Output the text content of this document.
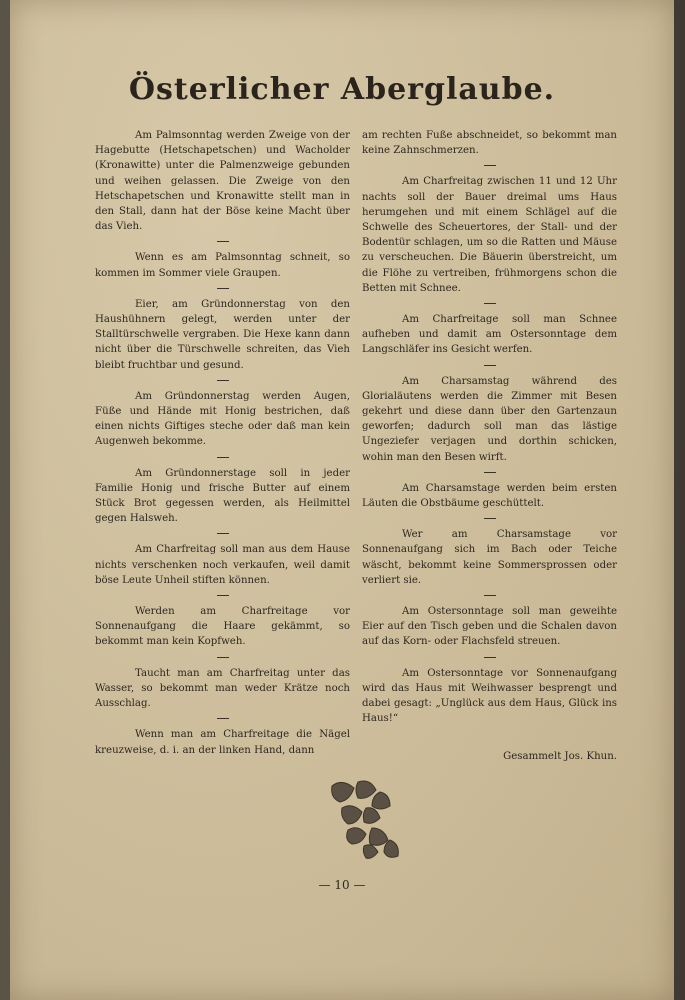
Österlicher Aberglaube.

Am Palmsonntag werden Zweige von der Hagebutte (Hetschapetschen) und Wacholder (Kronawitte) unter die Palmenzweige gebunden und weihen gelassen. Die Zweige von den Hetschapetschen und Kronawitte stellt man in den Stall, dann hat der Böse keine Macht über das Vieh.

Wenn es am Palmsonntag schneit, so kommen im Sommer viele Graupen.

Eier, am Gründonnerstag von den Haushühnern gelegt, werden unter der Stalltürschwelle vergraben. Die Hexe kann dann nicht über die Türschwelle schreiten, das Vieh bleibt fruchtbar und gesund.

Am Gründonnerstag werden Augen, Füße und Hände mit Honig bestrichen, daß einen nichts Giftiges steche oder daß man kein Augenweh bekomme.

Am Gründonnerstage soll in jeder Familie Honig und frische Butter auf einem Stück Brot gegessen werden, als Heilmittel gegen Halsweh.

Am Charfreitag soll man aus dem Hause nichts verschenken noch verkaufen, weil damit böse Leute Unheil stiften können.

Werden am Charfreitage vor Sonnenaufgang die Haare gekämmt, so bekommt man kein Kopfweh.

Taucht man am Charfreitag unter das Wasser, so bekommt man weder Krätze noch Ausschlag.

Wenn man am Charfreitage die Nägel kreuzweise, d. i. an der linken Hand, dann

am rechten Fuße abschneidet, so bekommt man keine Zahnschmerzen.

Am Charfreitag zwischen 11 und 12 Uhr nachts soll der Bauer dreimal ums Haus herumgehen und mit einem Schlägel auf die Schwelle des Scheuertores, der Stall- und der Bodentür schlagen, um so die Ratten und Mäuse zu verscheuchen. Die Bäuerin überstreicht, um die Flöhe zu vertreiben, frühmorgens schon die Betten mit Schnee.

Am Charfreitage soll man Schnee aufheben und damit am Ostersonntage dem Langschläfer ins Gesicht werfen.

Am Charsamstag während des Glorialäutens werden die Zimmer mit Besen gekehrt und diese dann über den Gartenzaun geworfen; dadurch soll man das lästige Ungeziefer verjagen und dorthin schicken, wohin man den Besen wirft.

Am Charsamstage werden beim ersten Läuten die Obstbäume geschüttelt.

Wer am Charsamstage vor Sonnenaufgang sich im Bach oder Teiche wäscht, bekommt keine Sommersprossen oder verliert sie.

Am Ostersonntage soll man geweihte Eier auf den Tisch geben und die Schalen davon auf das Korn- oder Flachsfeld streuen.

Am Ostersonntage vor Sonnenaufgang wird das Haus mit Weihwasser besprengt und dabei gesagt: „Unglück aus dem Haus, Glück ins Haus!“

Gesammelt Jos. Khun.

— 10 —
